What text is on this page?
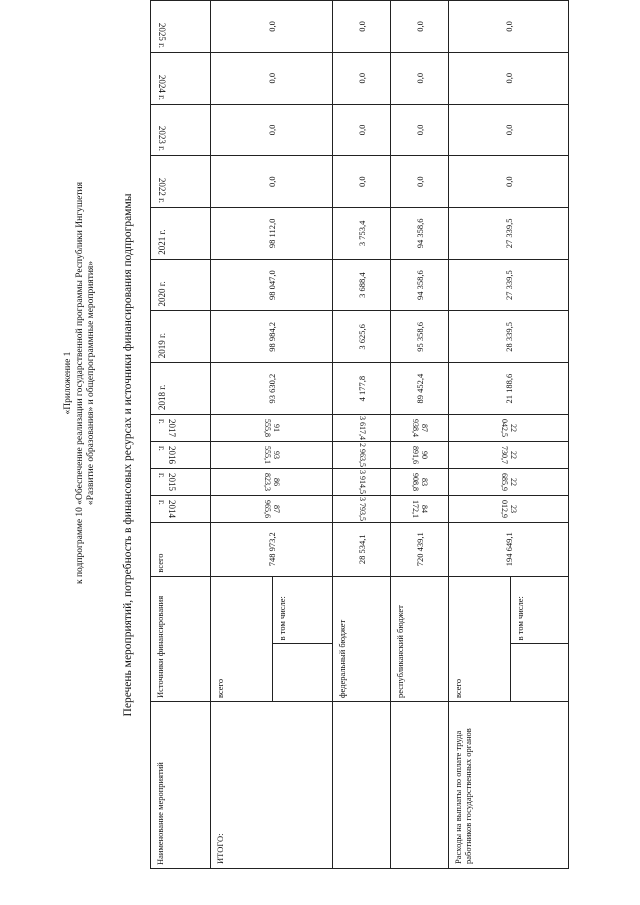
«Приложение 1 к подпрограмме 10 «Обеспечение реализации государственной программы Республики Ингушетия «Развитие образования» и общепрограммные мероприятия» Перечень мероприятий, потребность в финансовых ресурсах и источники финансирования подпрограммы
Наименование мероприятий	Источники финансирования		всего	2014 г.	2015 г.	2016 г.	2017 г.	2018 г.	2019 г.	2020 г.	2021 г.	2022 г.	2023 г.	2024 г.	2025 г.
ИТОГО:	всего		748 973,2	87 965,6	86 823,3	93 555,1	91 555,8	93 630,2	98 984,2	98 047,0	98 112,0	0,0	0,0	0,0	0,0
		в том числе:													
	федеральный бюджет		28 534,1	3 793,5	3 914,5	2 963,5	3 617,4	4 177,8	3 625,6	3 688,4	3 753,4	0,0	0,0	0,0	0,0
	республиканский бюджет		720 439,1	84 172,1	83 908,8	90 891,6	87 938,4	89 452,4	95 358,6	94 358,6	94 358,6	0,0	0,0	0,0	0,0
Расходы на выплаты по оплате труда работников государственных органов	всего		194 649,1	23 012,9	22 685,9	22 730,7	22 042,5	21 188,6	28 339,5	27 339,5	27 339,5	0,0	0,0	0,0	0,0
		в том числе:													
